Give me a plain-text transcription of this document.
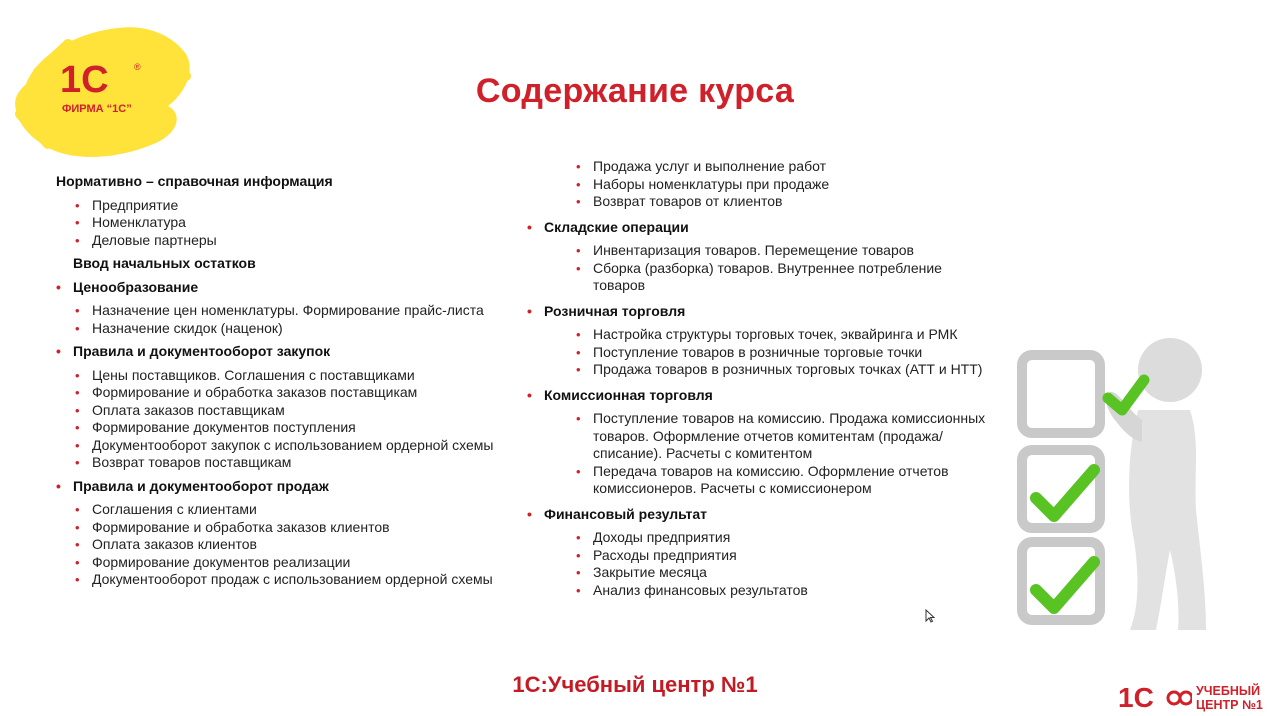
1С	®
ФИРМА “1С”	Содержание курса
Нормативно – справочная информация
• Предприятие
• Номенклатура
• Деловые партнеры
Ввод начальных остатков
• Ценообразование
• Назначение цен номенклатуры. Формирование прайс-листа
• Назначение скидок (наценок)
• Правила и документооборот закупок
• Цены поставщиков. Соглашения с поставщиками
• Формирование и обработка заказов поставщикам
• Оплата заказов поставщикам
• Формирование документов поступления
• Документооборот закупок с использованием ордерной схемы
• Возврат товаров поставщикам
• Правила и документооборот продаж
• Соглашения с клиентами
• Формирование и обработка заказов клиентов
• Оплата заказов клиентов
• Формирование документов реализации
• Документооборот продаж с использованием ордерной схемы
• Продажа услуг и выполнение работ
• Наборы номенклатуры при продаже
• Возврат товаров от клиентов
• Складские операции
• Инвентаризация товаров. Перемещение товаров
• Сборка (разборка) товаров. Внутреннее потребление товаров
• Розничная торговля
• Настройка структуры торговых точек, эквайринга и РМК
• Поступление товаров в розничные торговые точки
• Продажа товаров в розничных торговых точках (АТТ и НТТ)
• Комиссионная торговля
• Поступление товаров на комиссию. Продажа комиссионных товаров. Оформление отчетов комитентам (продажа/списание). Расчеты с комитентом
• Передача товаров на комиссию. Оформление отчетов комиссионеров. Расчеты с комиссионером
• Финансовый результат
• Доходы предприятия
• Расходы предприятия
• Закрытие месяца
• Анализ финансовых результатов
1С:Учебный центр №1	1С	УЧЕБНЫЙ
ЦЕНТР №1
